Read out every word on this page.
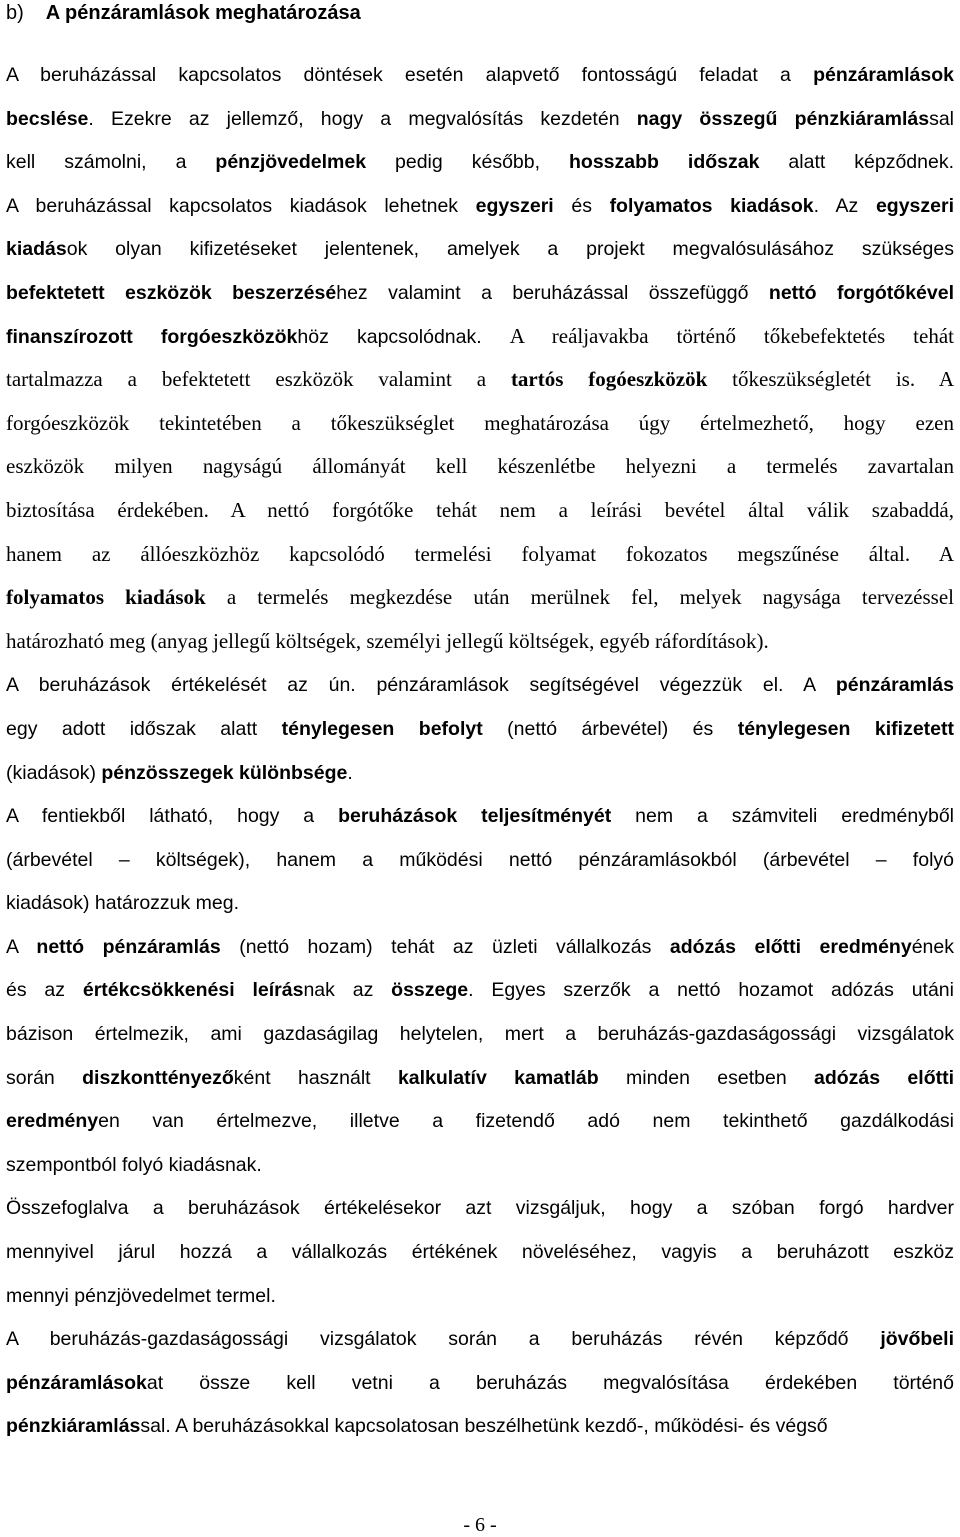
b) A pénzáramlások meghatározása
A beruházással kapcsolatos döntések esetén alapvető fontosságú feladat a pénzáramlások
becslése. Ezekre az jellemző, hogy a megvalósítás kezdetén nagy összegű pénzkiáramlással
kell számolni, a pénzjövedelmek pedig később, hosszabb időszak alatt képződnek.
A beruházással kapcsolatos kiadások lehetnek egyszeri és folyamatos kiadások. Az egyszeri
kiadások olyan kifizetéseket jelentenek, amelyek a projekt megvalósulásához szükséges
befektetett eszközök beszerzéséhez valamint a beruházással összefüggő nettó forgótőkével
finanszírozott forgóeszközökhöz kapcsolódnak. A reáljavakba történő tőkebefektetés tehát
tartalmazza a befektetett eszközök valamint a tartós fogóeszközök tőkeszükségletét is. A
forgóeszközök tekintetében a tőkeszükséglet meghatározása úgy értelmezhető, hogy ezen
eszközök milyen nagyságú állományát kell készenlétbe helyezni a termelés zavartalan
biztosítása érdekében. A nettó forgótőke tehát nem a leírási bevétel által válik szabaddá,
hanem az állóeszközhöz kapcsolódó termelési folyamat fokozatos megszűnése által. A
folyamatos kiadások a termelés megkezdése után merülnek fel, melyek nagysága tervezéssel
határozható meg (anyag jellegű költségek, személyi jellegű költségek, egyéb ráfordítások).
A beruházások értékelését az ún. pénzáramlások segítségével végezzük el. A pénzáramlás
egy adott időszak alatt ténylegesen befolyt (nettó árbevétel) és ténylegesen kifizetett
(kiadások) pénzösszegek különbsége.
A fentiekből látható, hogy a beruházások teljesítményét nem a számviteli eredményből
(árbevétel – költségek), hanem a működési nettó pénzáramlásokból (árbevétel – folyó
kiadások) határozzuk meg.
A nettó pénzáramlás (nettó hozam) tehát az üzleti vállalkozás adózás előtti eredményének
és az értékcsökkenési leírásnak az összege. Egyes szerzők a nettó hozamot adózás utáni
bázison értelmezik, ami gazdaságilag helytelen, mert a beruházás-gazdaságossági vizsgálatok
során diszkonttényezőként használt kalkulatív kamatláb minden esetben adózás előtti
eredményen van értelmezve, illetve a fizetendő adó nem tekinthető gazdálkodási
szempontból folyó kiadásnak.
Összefoglalva a beruházások értékelésekor azt vizsgáljuk, hogy a szóban forgó hardver
mennyivel járul hozzá a vállalkozás értékének növeléséhez, vagyis a beruházott eszköz
mennyi pénzjövedelmet termel.
A beruházás-gazdaságossági vizsgálatok során a beruházás révén képződő jövőbeli
pénzáramlásokat össze kell vetni a beruházás megvalósítása érdekében történő
pénzkiáramlással. A beruházásokkal kapcsolatosan beszélhetünk kezdő-, működési- és végső
- 6 -
